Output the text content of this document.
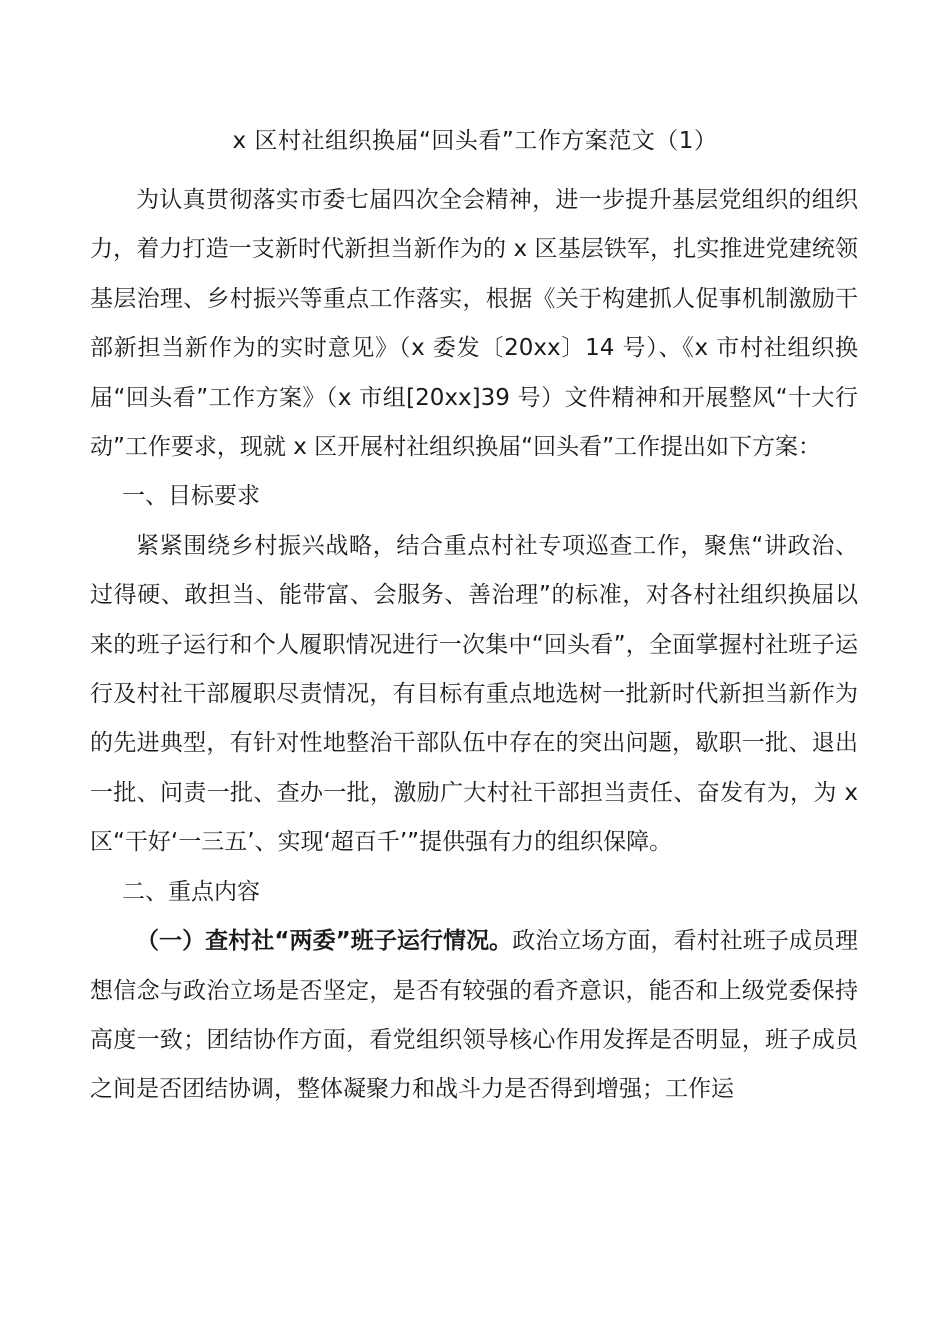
x 区村社组织换届“回头看”工作方案范文（1）

为认真贯彻落实市委七届四次全会精神，进一步提升基层党组织的组织力，着力打造一支新时代新担当新作为的 x 区基层铁军，扎实推进党建统领基层治理、乡村振兴等重点工作落实，根据《关于构建抓人促事机制激励干部新担当新作为的实时意见》（x 委发〔20xx〕14 号）、《x 市村社组织换届“回头看”工作方案》（x 市组[20xx]39 号）文件精神和开展整风“十大行动”工作要求，现就 x 区开展村社组织换届“回头看”工作提出如下方案：

一、目标要求

紧紧围绕乡村振兴战略，结合重点村社专项巡查工作，聚焦“讲政治、过得硬、敢担当、能带富、会服务、善治理”的标准，对各村社组织换届以来的班子运行和个人履职情况进行一次集中“回头看”，全面掌握村社班子运行及村社干部履职尽责情况，有目标有重点地选树一批新时代新担当新作为的先进典型，有针对性地整治干部队伍中存在的突出问题，歇职一批、退出一批、问责一批、查办一批，激励广大村社干部担当责任、奋发有为，为 x 区“干好‘一三五’、实现‘超百千’”提供强有力的组织保障。

二、重点内容

（一）查村社“两委”班子运行情况。政治立场方面，看村社班子成员理想信念与政治立场是否坚定，是否有较强的看齐意识，能否和上级党委保持高度一致；团结协作方面，看党组织领导核心作用发挥是否明显，班子成员之间是否团结协调，整体凝聚力和战斗力是否得到增强；工作运
